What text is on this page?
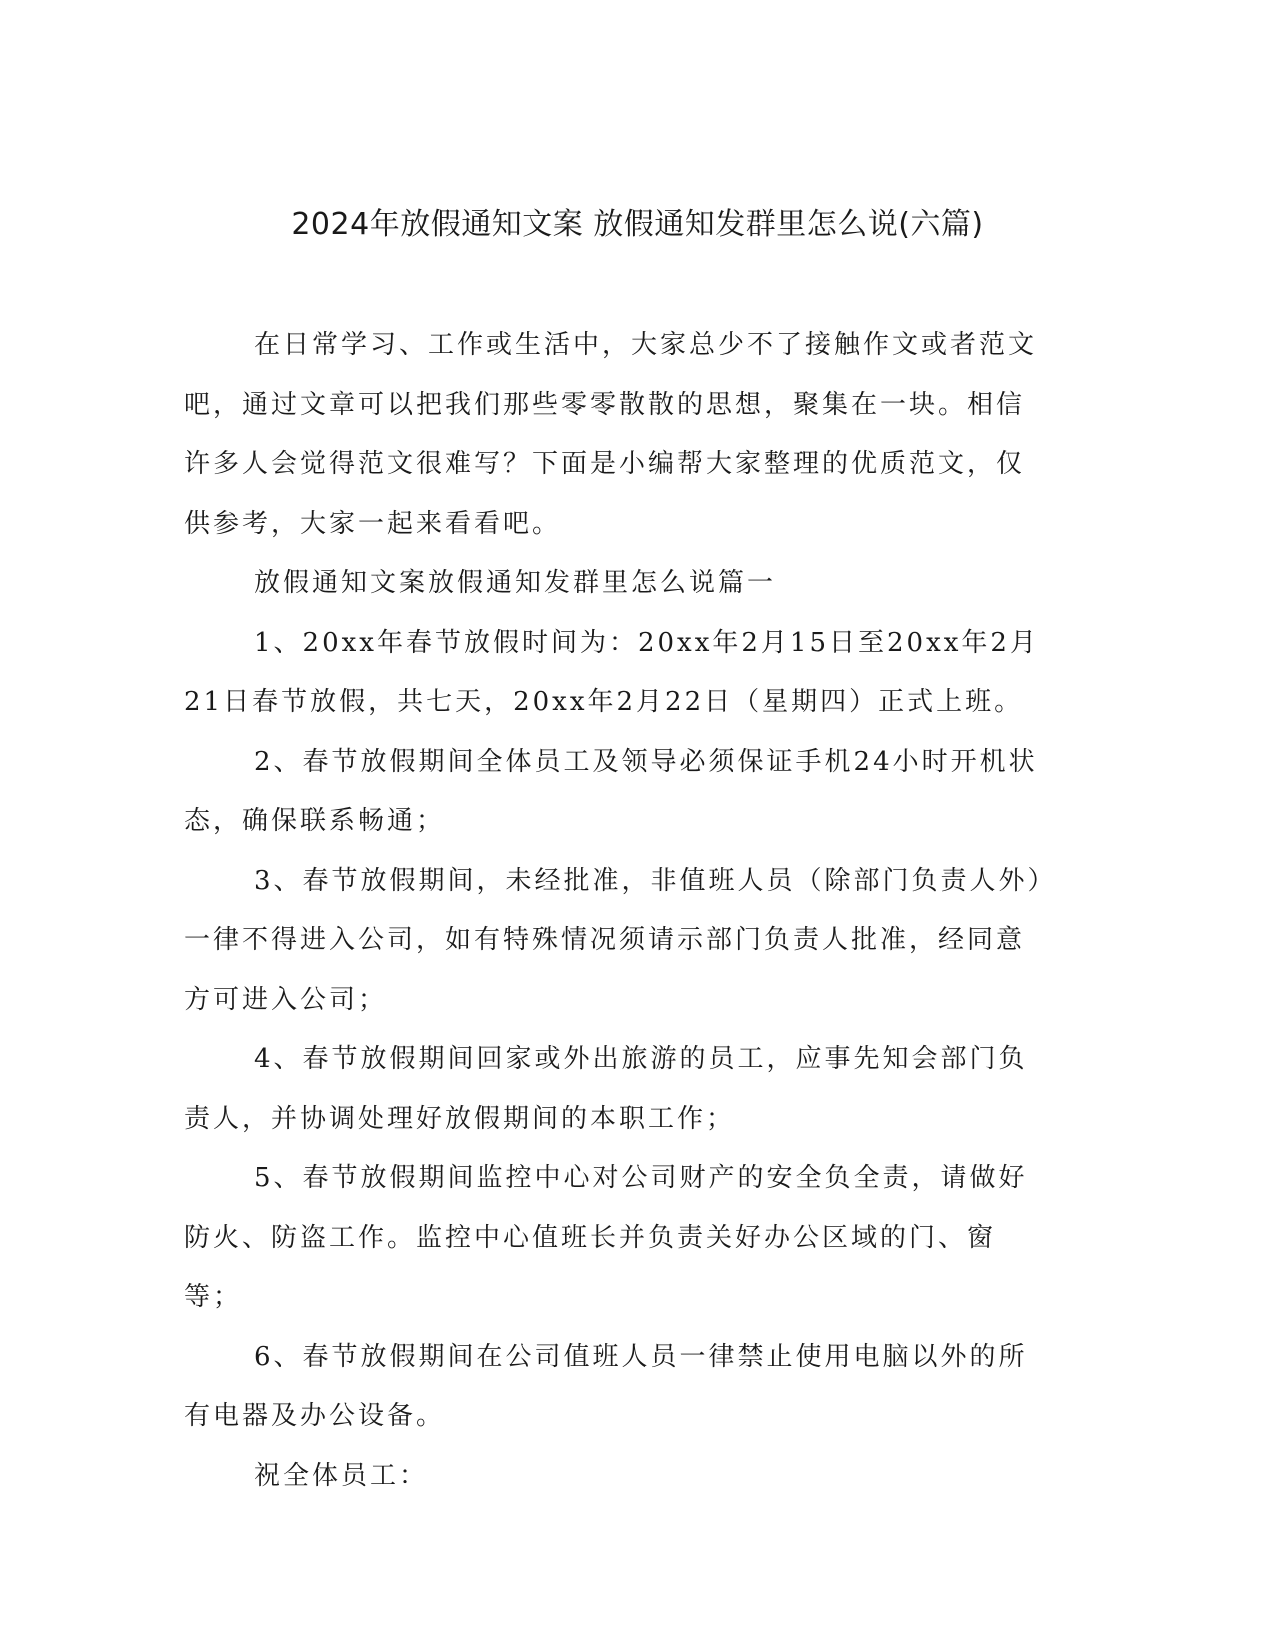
2024年放假通知文案 放假通知发群里怎么说(六篇)

在日常学习、工作或生活中，大家总少不了接触作文或者范文吧，通过文章可以把我们那些零零散散的思想，聚集在一块。相信许多人会觉得范文很难写？下面是小编帮大家整理的优质范文，仅供参考，大家一起来看看吧。

放假通知文案放假通知发群里怎么说篇一

1、20xx年春节放假时间为：20xx年2月15日至20xx年2月21日春节放假，共七天，20xx年2月22日（星期四）正式上班。

2、春节放假期间全体员工及领导必须保证手机24小时开机状态，确保联系畅通；

3、春节放假期间，未经批准，非值班人员（除部门负责人外）一律不得进入公司，如有特殊情况须请示部门负责人批准，经同意方可进入公司；

4、春节放假期间回家或外出旅游的员工，应事先知会部门负责人，并协调处理好放假期间的本职工作；

5、春节放假期间监控中心对公司财产的安全负全责，请做好防火、防盗工作。监控中心值班长并负责关好办公区域的门、窗等；

6、春节放假期间在公司值班人员一律禁止使用电脑以外的所有电器及办公设备。

祝全体员工：
